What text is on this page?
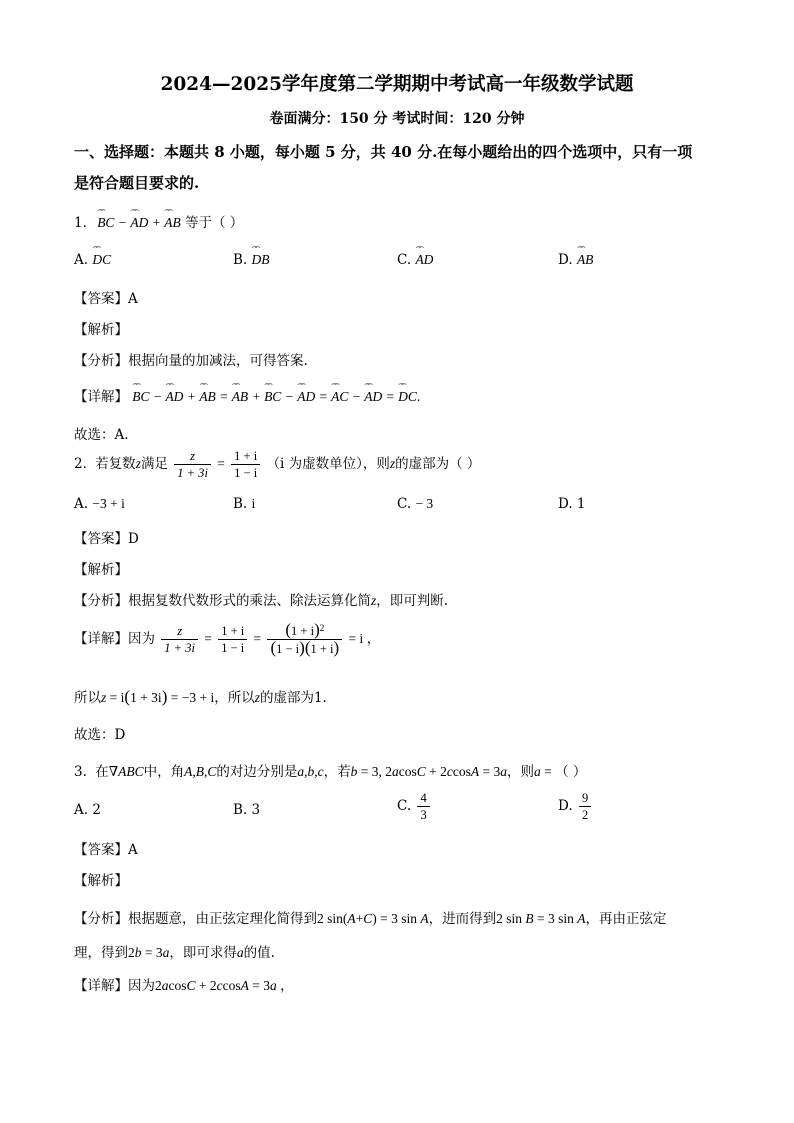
2024—2025学年度第二学期期中考试高一年级数学试题
卷面满分：150 分 考试时间：120 分钟
一、选择题：本题共 8 小题，每小题 5 分，共 40 分.在每小题给出的四个选项中，只有一项
是符合题目要求的.
1. ⌢⌢ BC − ⌢⌢ AD + ⌢⌢ AB 等于（ ）
A. ⌢⌢ DC	B. ⌢⌢ DB	C. ⌢⌢ AD	D. ⌢⌢ AB
【答案】A
【解析】
【分析】根据向量的加减法，可得答案.
【详解】 ⌢⌢ BC − ⌢⌢ AD + ⌢⌢ AB = ⌢⌢ AB + ⌢⌢ BC − ⌢⌢ AD = ⌢⌢ AC − ⌢⌢ AD = ⌢⌢ DC.
故选：A.
2. 若复数z满足 $\frac{z}{1 + 3i} = \frac{1 + i}{1 - i} (i$ 为虚数单位），则z的虚部为（ ）
A. −3 + i	B. i	C. − 3	D. 1
【答案】D
【解析】
【分析】根据复数代数形式的乘法、除法运算化简z，即可判断.
【详解】因为 $\frac{z}{1 + 3i} = \frac{1 + i}{1 - i} = \frac{(1 + i)^2}{(1 - i)(1 + i)} = i$ ，
所以z = i(1 + 3i) = −3 + i，所以z的虚部为1.
故选：D
3. 在∇ABC中，角A,B,C的对边分别是a,b,c，若b = 3, 2acosC + 2ccosA = 3a，则a = （ ）
A. 2	B. 3	C. $\frac{4}{3}$	D. $\frac{9}{2}$
【答案】A
【解析】
【分析】根据题意，由正弦定理化简得到2 sin(A+C) = 3 sin A，进而得到2 sin B = 3 sin A，再由正弦定
理，得到2b = 3a，即可求得a的值.
【详解】因为2acosC + 2ccosA = 3a ，
